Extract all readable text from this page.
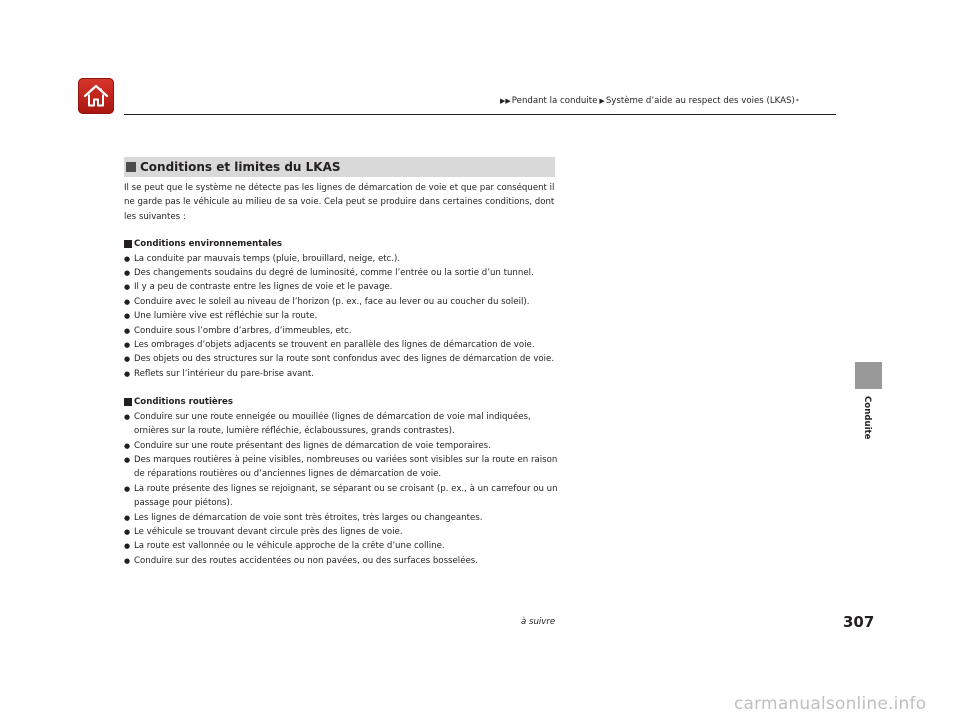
▶▶ Pendant la conduite ▶ Système d’aide au respect des voies (LKAS) *
Conditions et limites du LKAS

Il se peut que le système ne détecte pas les lignes de démarcation de voie et que par conséquent il ne garde pas le véhicule au milieu de sa voie. Cela peut se produire dans certaines conditions, dont les suivantes :

Conditions environnementales
● La conduite par mauvais temps (pluie, brouillard, neige, etc.).
● Des changements soudains du degré de luminosité, comme l’entrée ou la sortie d’un tunnel.
● Il y a peu de contraste entre les lignes de voie et le pavage.
● Conduire avec le soleil au niveau de l’horizon (p. ex., face au lever ou au coucher du soleil).
● Une lumière vive est réfléchie sur la route.
● Conduire sous l’ombre d’arbres, d’immeubles, etc.
● Les ombrages d’objets adjacents se trouvent en parallèle des lignes de démarcation de voie.
● Des objets ou des structures sur la route sont confondus avec des lignes de démarcation de voie.
● Reflets sur l’intérieur du pare-brise avant.
Conditions routières
● Conduire sur une route enneigée ou mouillée (lignes de démarcation de voie mal indiquées, ornières sur la route, lumière réfléchie, éclaboussures, grands contrastes).
● Conduire sur une route présentant des lignes de démarcation de voie temporaires.
● Des marques routières à peine visibles, nombreuses ou variées sont visibles sur la route en raison de réparations routières ou d’anciennes lignes de démarcation de voie.
● La route présente des lignes se rejoignant, se séparant ou se croisant (p. ex., à un carrefour ou un passage pour piétons).
● Les lignes de démarcation de voie sont très étroites, très larges ou changeantes.
● Le véhicule se trouvant devant circule près des lignes de voie.
● La route est vallonnée ou le véhicule approche de la crête d’une colline.
● Conduire sur des routes accidentées ou non pavées, ou des surfaces bosselées.
Conduite
à suivre	307
carmanualsonline.info
